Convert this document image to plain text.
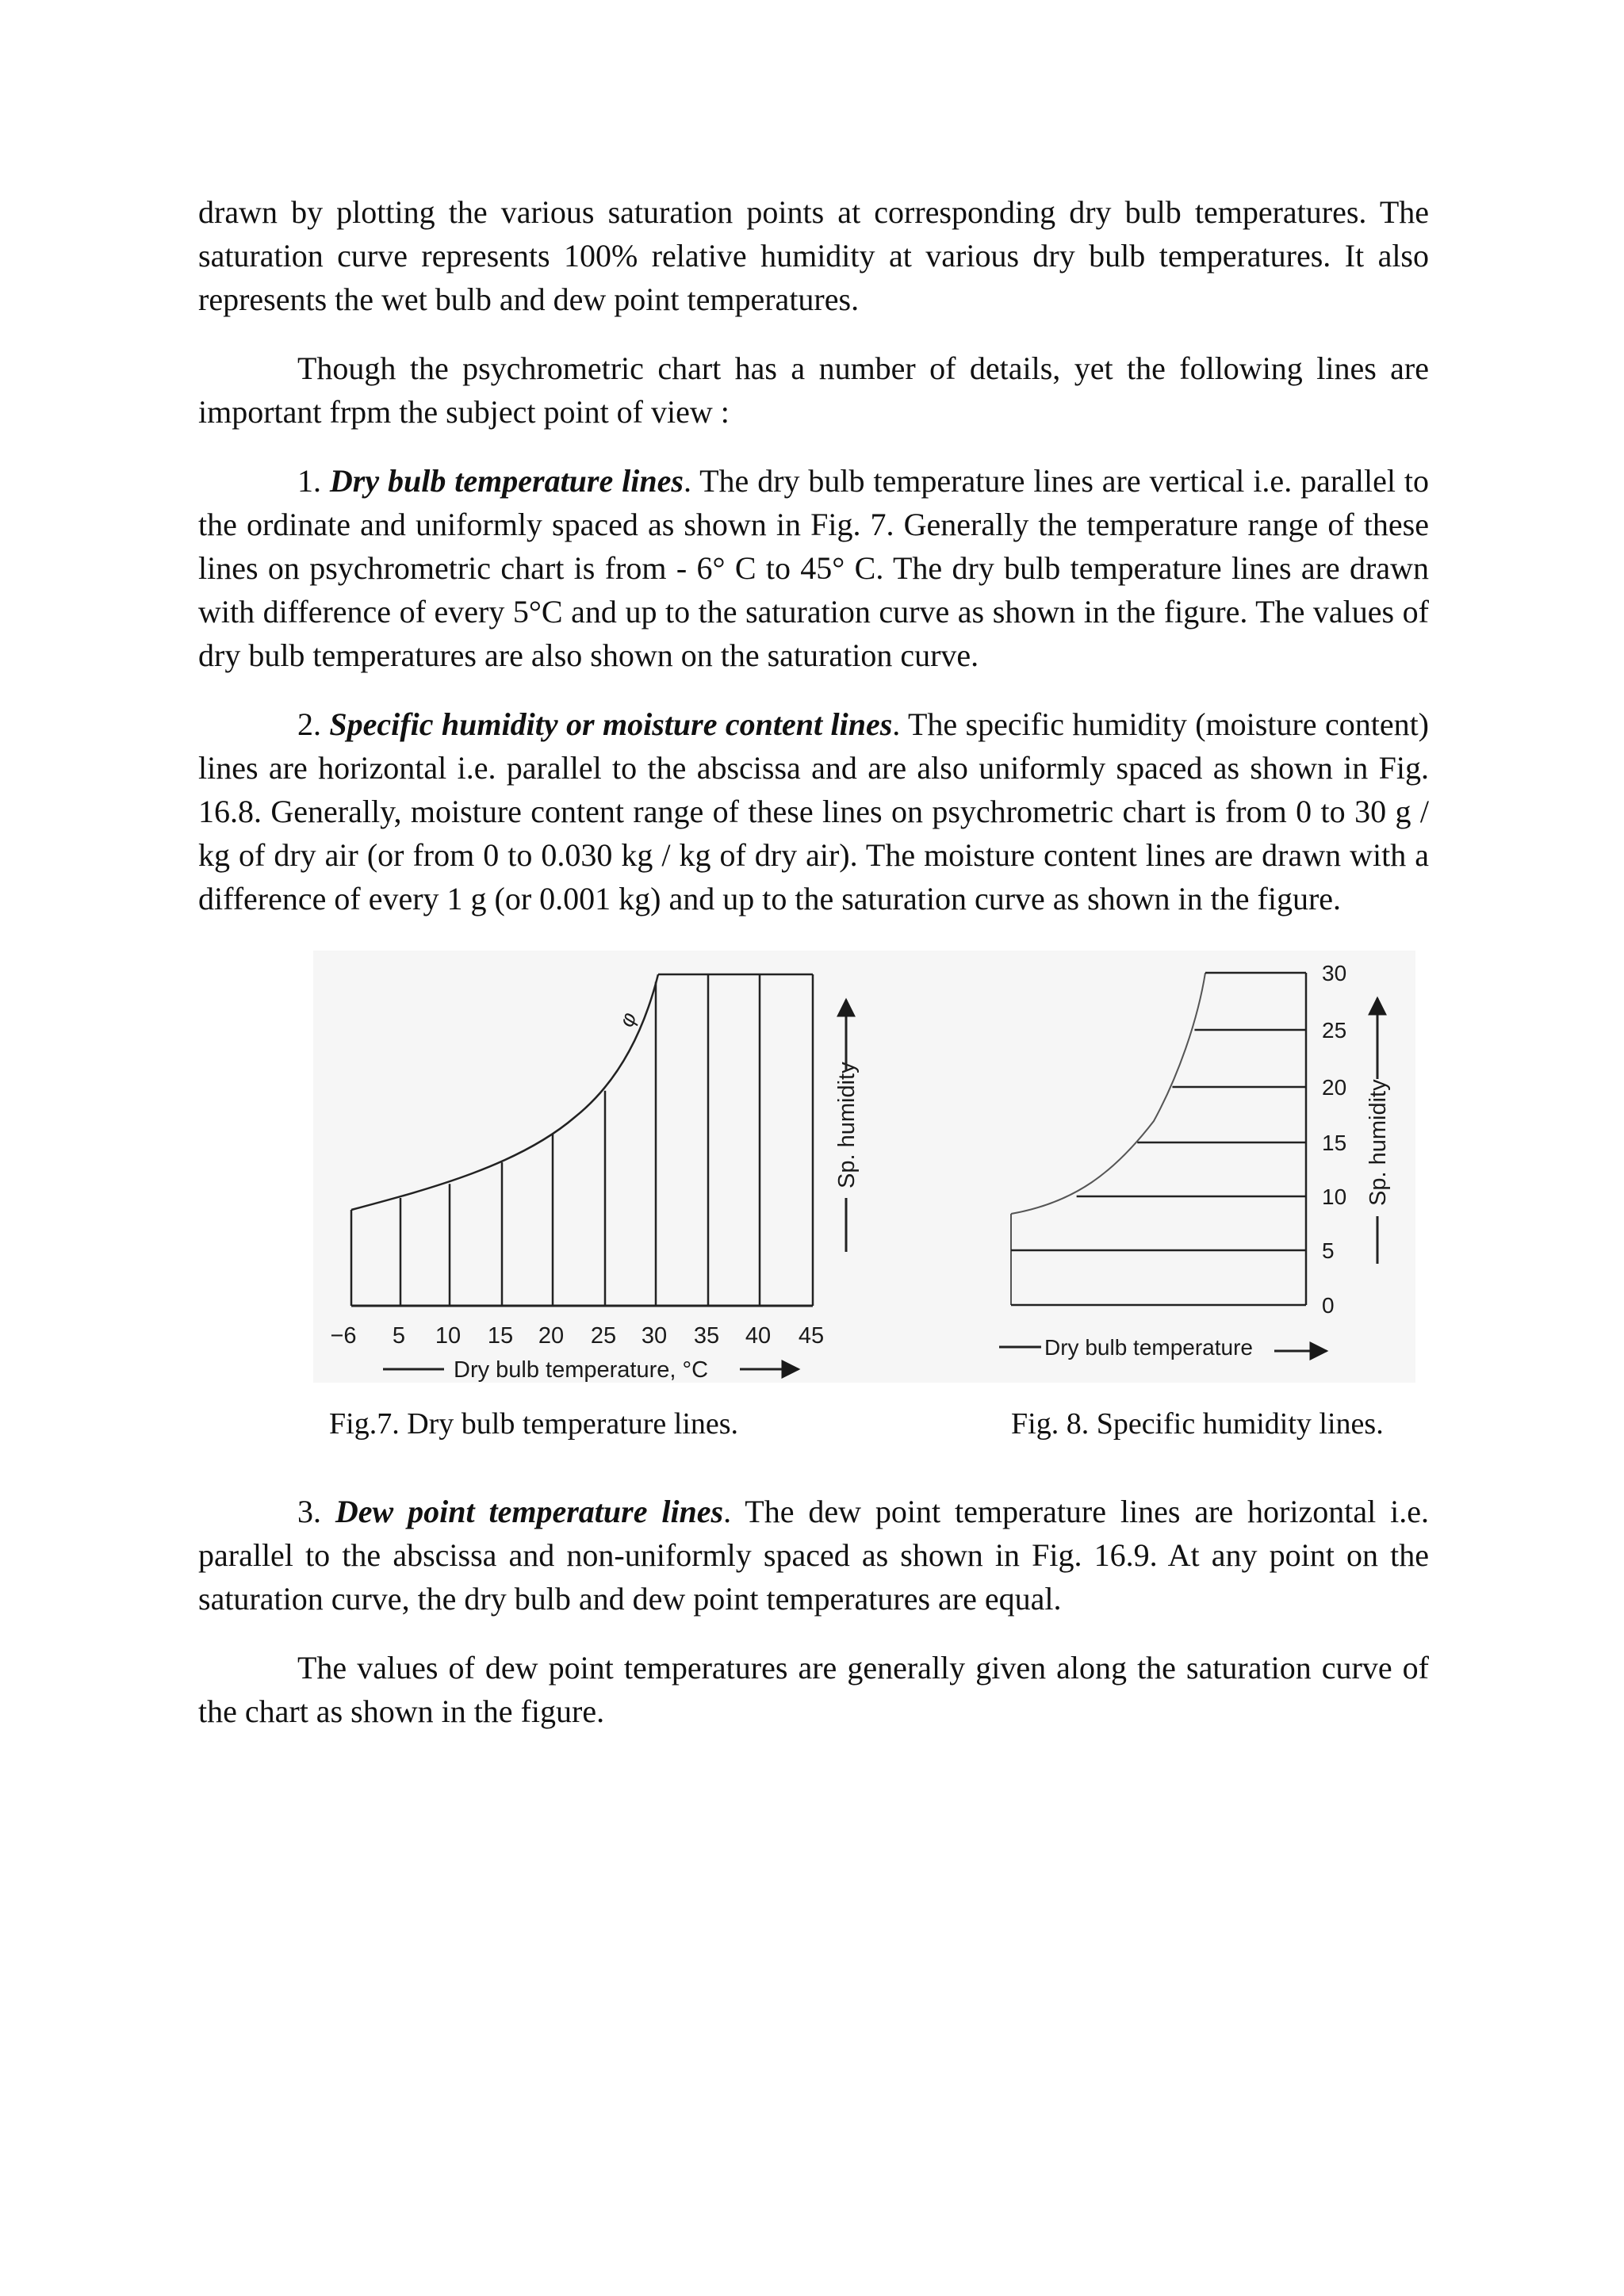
drawn by plotting the various saturation points at corresponding dry bulb temperatures. The saturation curve represents 100% relative humidity at various dry bulb temperatures. It also represents the wet bulb and dew point temperatures.

Though the psychrometric chart has a number of details, yet the following lines are important frpm the subject point of view :

1. Dry bulb temperature lines. The dry bulb temperature lines are vertical i.e. parallel to the ordinate and uniformly spaced as shown in Fig. 7. Generally the temperature range of these lines on psychrometric chart is from - 6° C to 45° C. The dry bulb temperature lines are drawn with difference of every 5°C and up to the saturation curve as shown in the figure. The values of dry bulb temperatures are also shown on the saturation curve.

2. Specific humidity or moisture content lines. The specific humidity (moisture content) lines are horizontal i.e. parallel to the abscissa and are also uniformly spaced as shown in Fig. 16.8. Generally, moisture content range of these lines on psychrometric chart is from 0 to 30 g / kg of dry air (or from 0 to 0.030 kg / kg of dry air). The moisture content lines are drawn with a difference of every 1 g (or 0.001 kg) and up to the saturation curve as shown in the figure.

φ
−6 5 10 15 20 25 30 35 40 45
Dry bulb temperature, °C
Sp. humidity
0
5
10
15
20
25
30
Dry bulb temperature
Sp. humidity
Fig.7. Dry bulb temperature lines.	Fig. 8. Specific humidity lines.

3. Dew point temperature lines. The dew point temperature lines are horizontal i.e. parallel to the abscissa and non-uniformly spaced as shown in Fig. 16.9. At any point on the saturation curve, the dry bulb and dew point temperatures are equal.

The values of dew point temperatures are generally given along the saturation curve of the chart as shown in the figure.
